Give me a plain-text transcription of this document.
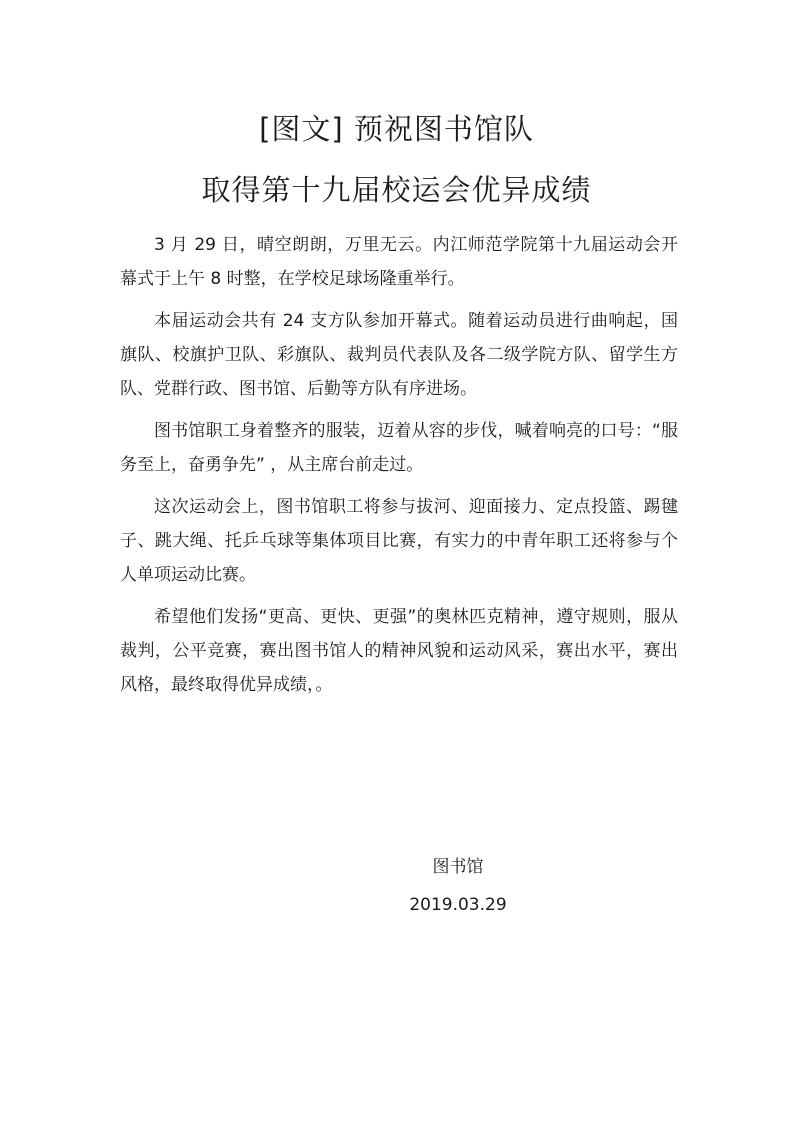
[图文] 预祝图书馆队
取得第十九届校运会优异成绩

3 月 29 日，晴空朗朗，万里无云。内江师范学院第十九届运动会开幕式于上午 8 时整，在学校足球场隆重举行。

本届运动会共有 24 支方队参加开幕式。随着运动员进行曲响起，国旗队、校旗护卫队、彩旗队、裁判员代表队及各二级学院方队、留学生方队、党群行政、图书馆、后勤等方队有序进场。

图书馆职工身着整齐的服装，迈着从容的步伐，喊着响亮的口号：“服务至上，奋勇争先” ，从主席台前走过。

这次运动会上，图书馆职工将参与拔河、迎面接力、定点投篮、踢毽子、跳大绳、托乒乓球等集体项目比赛，有实力的中青年职工还将参与个人单项运动比赛。

希望他们发扬“更高、更快、更强”的奥林匹克精神，遵守规则，服从裁判，公平竞赛，赛出图书馆人的精神风貌和运动风采，赛出水平，赛出风格，最终取得优异成绩，。

图书馆
2019.03.29
